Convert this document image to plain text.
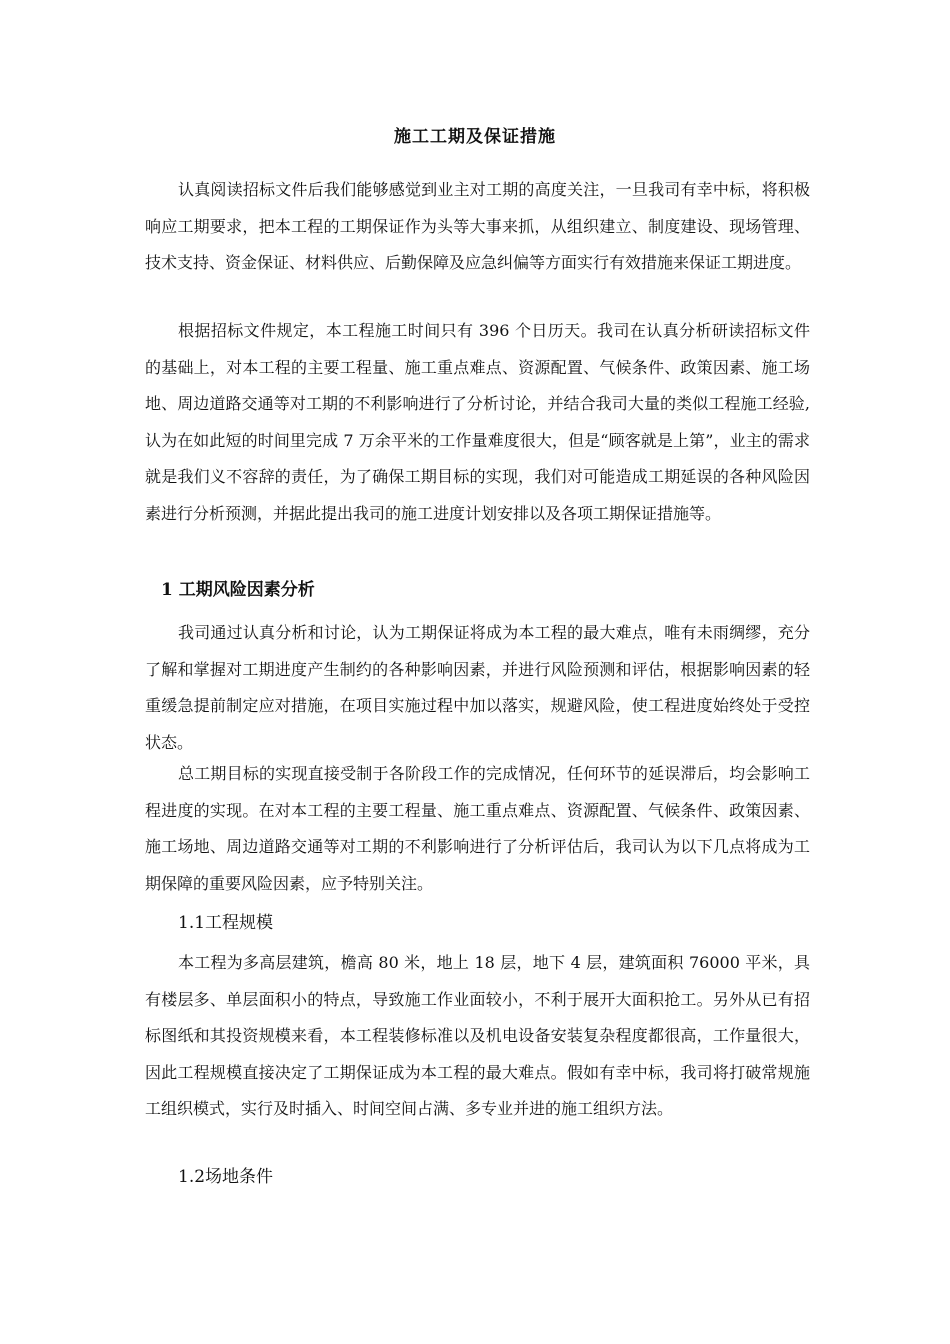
施工工期及保证措施

认真阅读招标文件后我们能够感觉到业主对工期的高度关注，一旦我司有幸中标，将积极响应工期要求，把本工程的工期保证作为头等大事来抓，从组织建立、制度建设、现场管理、技术支持、资金保证、材料供应、后勤保障及应急纠偏等方面实行有效措施来保证工期进度。

根据招标文件规定，本工程施工时间只有 396 个日历天。我司在认真分析研读招标文件的基础上，对本工程的主要工程量、施工重点难点、资源配置、气候条件、政策因素、施工场地、周边道路交通等对工期的不利影响进行了分析讨论，并结合我司大量的类似工程施工经验,认为在如此短的时间里完成 7 万余平米的工作量难度很大，但是“顾客就是上第”，业主的需求就是我们义不容辞的责任，为了确保工期目标的实现，我们对可能造成工期延误的各种风险因素进行分析预测，并据此提出我司的施工进度计划安排以及各项工期保证措施等。

1 工期风险因素分析

我司通过认真分析和讨论，认为工期保证将成为本工程的最大难点，唯有未雨绸缪，充分了解和掌握对工期进度产生制约的各种影响因素，并进行风险预测和评估，根据影响因素的轻重缓急提前制定应对措施，在项目实施过程中加以落实，规避风险，使工程进度始终处于受控状态。

总工期目标的实现直接受制于各阶段工作的完成情况，任何环节的延误滞后，均会影响工程进度的实现。在对本工程的主要工程量、施工重点难点、资源配置、气候条件、政策因素、施工场地、周边道路交通等对工期的不利影响进行了分析评估后，我司认为以下几点将成为工期保障的重要风险因素，应予特别关注。

1.1工程规模

本工程为多高层建筑，檐高 80 米，地上 18 层，地下 4 层，建筑面积 76000 平米，具有楼层多、单层面积小的特点，导致施工作业面较小，不利于展开大面积抢工。另外从已有招标图纸和其投资规模来看，本工程装修标准以及机电设备安装复杂程度都很高，工作量很大，因此工程规模直接决定了工期保证成为本工程的最大难点。假如有幸中标，我司将打破常规施工组织模式，实行及时插入、时间空间占满、多专业并进的施工组织方法。

1.2场地条件
